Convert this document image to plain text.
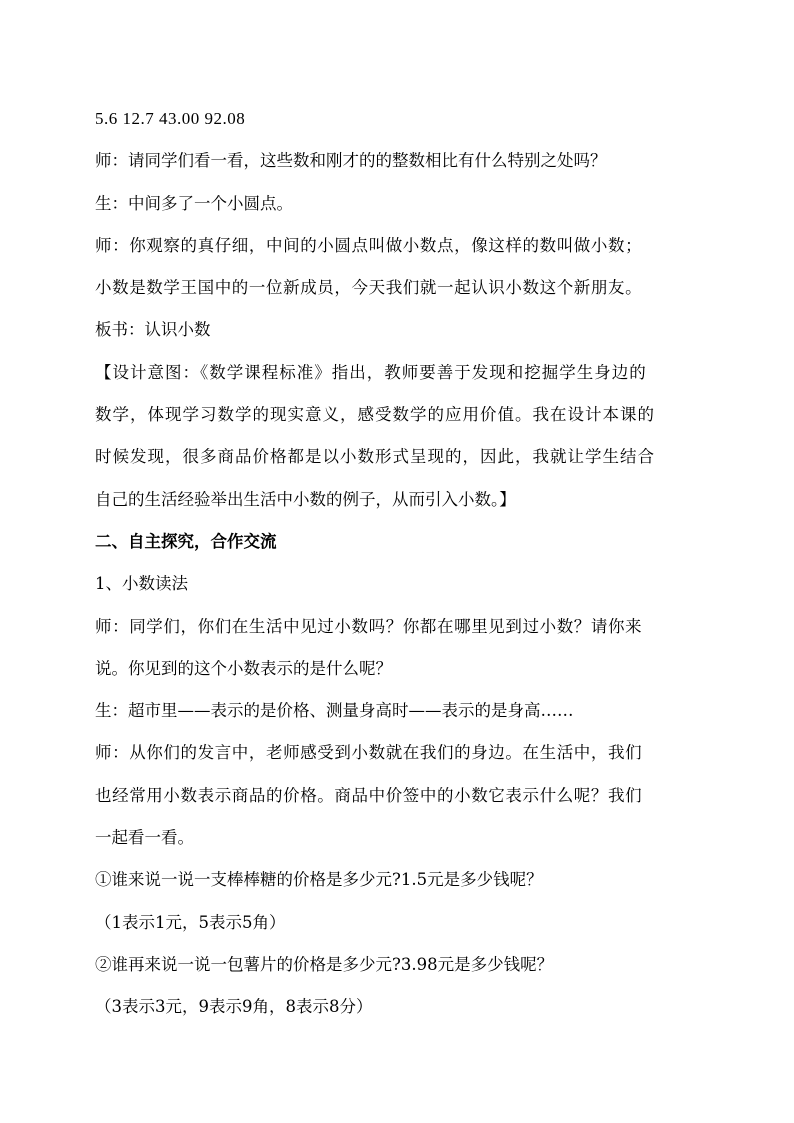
5.6 12.7 43.00 92.08
师：请同学们看一看，这些数和刚才的的整数相比有什么特别之处吗？
生：中间多了一个小圆点。
师：你观察的真仔细，中间的小圆点叫做小数点，像这样的数叫做小数；
小数是数学王国中的一位新成员，今天我们就一起认识小数这个新朋友。
板书：认识小数
【设计意图：《数学课程标准》指出，教师要善于发现和挖掘学生身边的
数学，体现学习数学的现实意义，感受数学的应用价值。我在设计本课的
时候发现，很多商品价格都是以小数形式呈现的，因此，我就让学生结合
自己的生活经验举出生活中小数的例子，从而引入小数。】
二、自主探究，合作交流
1、小数读法
师：同学们，你们在生活中见过小数吗？你都在哪里见到过小数？请你来
说。你见到的这个小数表示的是什么呢？
生：超市里——表示的是价格、测量身高时——表示的是身高……
师：从你们的发言中，老师感受到小数就在我们的身边。在生活中，我们
也经常用小数表示商品的价格。商品中价签中的小数它表示什么呢？我们
一起看一看。
①谁来说一说一支棒棒糖的价格是多少元?1.5元是多少钱呢？
（1表示1元，5表示5角）
②谁再来说一说一包薯片的价格是多少元?3.98元是多少钱呢？
（3表示3元，9表示9角，8表示8分）
